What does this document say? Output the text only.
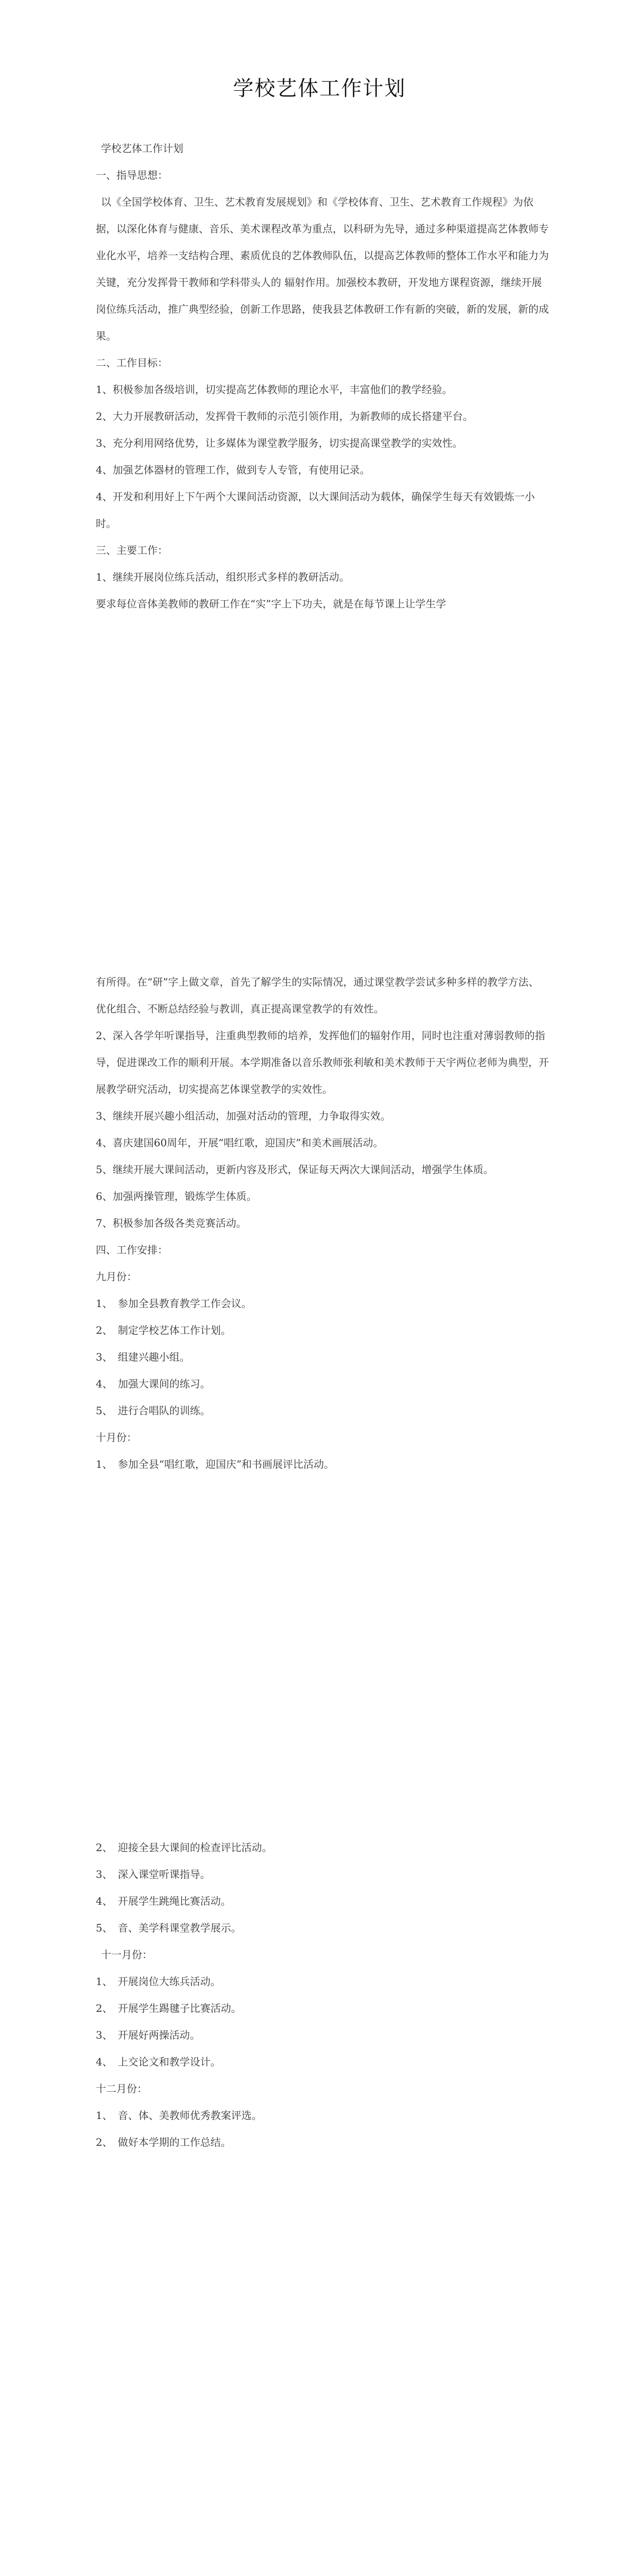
学校艺体工作计划

学校艺体工作计划

一、指导思想：

以《全国学校体育、卫生、艺术教育发展规划》和《学校体育、卫生、艺术教育工作规程》为依据，以深化体育与健康、音乐、美术课程改革为重点，以科研为先导，通过多种渠道提高艺体教师专业化水平，培养一支结构合理、素质优良的艺体教师队伍，以提高艺体教师的整体工作水平和能力为关键，充分发挥骨干教师和学科带头人的 辐射作用。加强校本教研，开发地方课程资源，继续开展岗位练兵活动，推广典型经验，创新工作思路，使我县艺体教研工作有新的突破，新的发展，新的成果。

二、工作目标：

1、积极参加各级培训，切实提高艺体教师的理论水平，丰富他们的教学经验。

2、大力开展教研活动，发挥骨干教师的示范引领作用，为新教师的成长搭建平台。

3、充分利用网络优势，让多媒体为课堂教学服务，切实提高课堂教学的实效性。

4、加强艺体器材的管理工作，做到专人专管，有使用记录。

4、开发和利用好上下午两个大课间活动资源，以大课间活动为载体，确保学生每天有效锻炼一小时。

三、主要工作：

1、继续开展岗位练兵活动，组织形式多样的教研活动。

要求每位音体美教师的教研工作在“实”字上下功夫，就是在每节课上让学生学

有所得。在“研”字上做文章，首先了解学生的实际情况，通过课堂教学尝试多种多样的教学方法、优化组合、不断总结经验与教训，真正提高课堂教学的有效性。

2、深入各学年听课指导，注重典型教师的培养，发挥他们的辐射作用，同时也注重对薄弱教师的指导，促进课改工作的顺利开展。本学期准备以音乐教师张利敏和美术教师于天宇两位老师为典型，开展教学研究活动，切实提高艺体课堂教学的实效性。

3、继续开展兴趣小组活动，加强对活动的管理，力争取得实效。

4、喜庆建国60周年，开展“唱红歌，迎国庆”和美术画展活动。

5、继续开展大课间活动，更新内容及形式，保证每天两次大课间活动，增强学生体质。

6、加强两操管理，锻炼学生体质。

7、积极参加各级各类竞赛活动。

四、工作安排：

九月份：

1、　参加全县教育教学工作会议。

2、　制定学校艺体工作计划。

3、　组建兴趣小组。

4、　加强大课间的练习。

5、　进行合唱队的训练。

十月份：

1、　参加全县“唱红歌，迎国庆”和书画展评比活动。

2、　迎接全县大课间的检查评比活动。

3、　深入课堂听课指导。

4、　开展学生跳绳比赛活动。

5、　音、美学科课堂教学展示。

十一月份：

1、　开展岗位大练兵活动。

2、　开展学生踢毽子比赛活动。

3、　开展好两操活动。

4、　上交论文和教学设计。

十二月份：

1、　音、体、美教师优秀教案评选。

2、　做好本学期的工作总结。
